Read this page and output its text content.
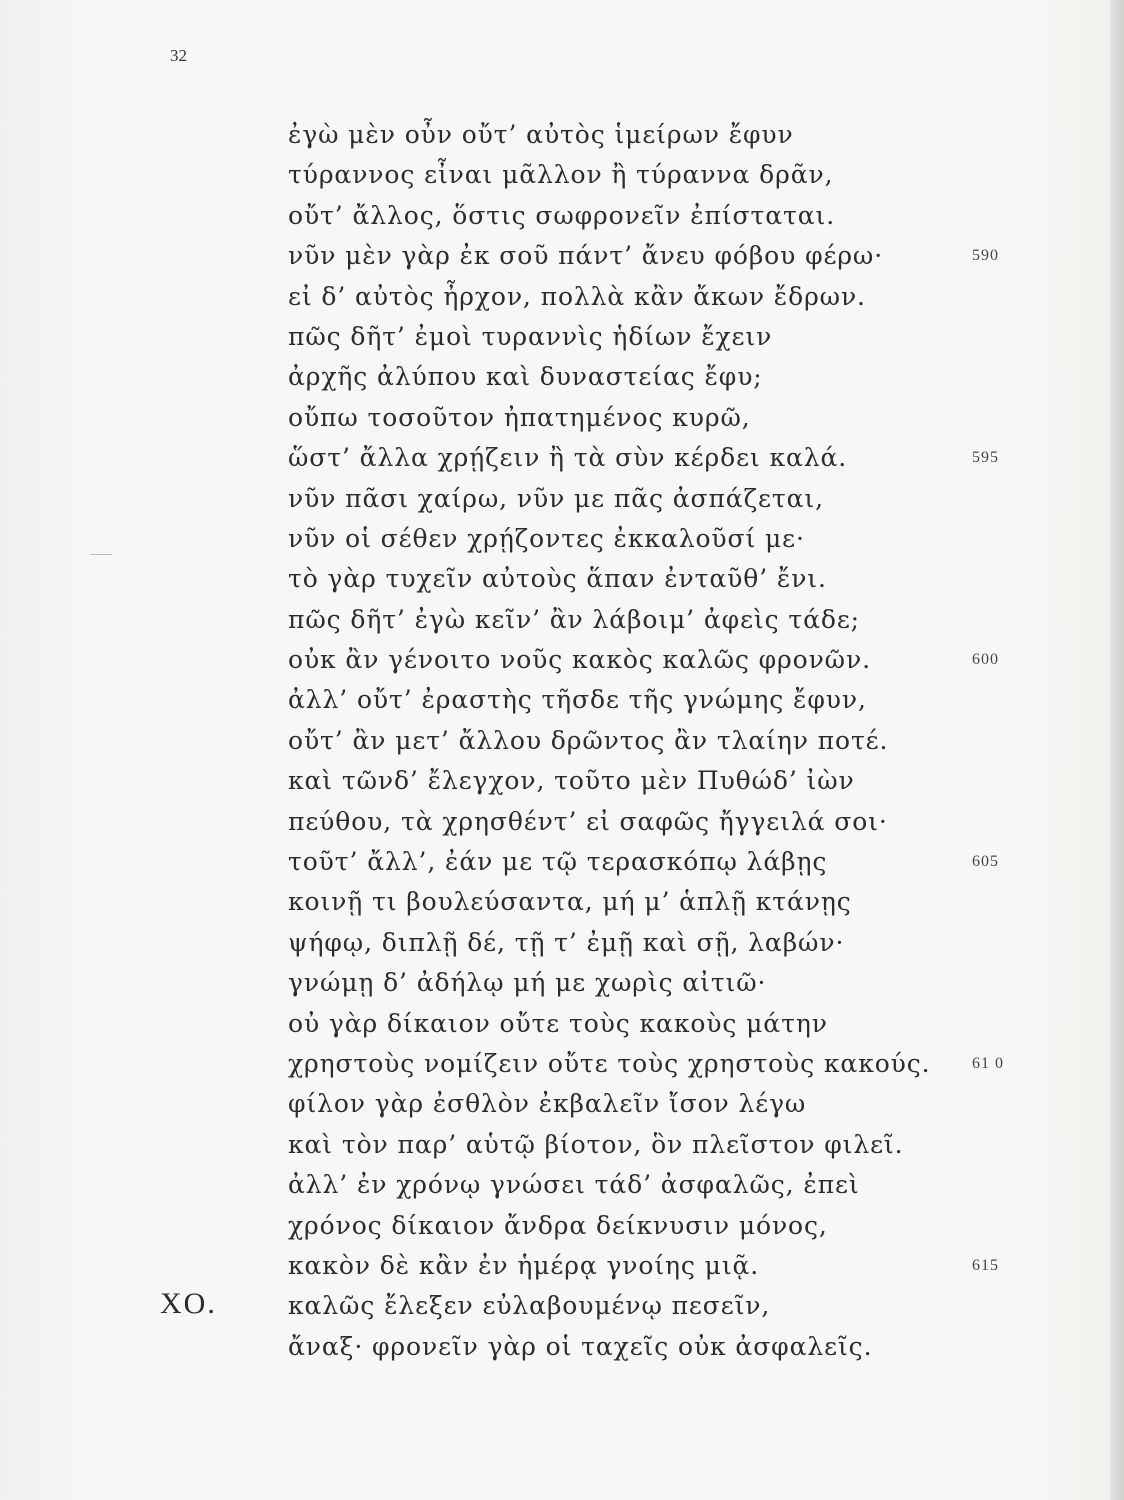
32
ἐγὼ μὲν οὖν οὔτ’ αὐτὸς ἱμείρων ἔφυν
τύραννος εἶναι μᾶλλον ἢ τύραννα δρᾶν,
οὔτ’ ἄλλος, ὅστις σωφρονεῖν ἐπίσταται.
νῦν μὲν γὰρ ἐκ σοῦ πάντ’ ἄνευ φόβου φέρω·	590
εἰ δ’ αὐτὸς ἦρχον, πολλὰ κἂν ἄκων ἔδρων.
πῶς δῆτ’ ἐμοὶ τυραννὶς ἡδίων ἔχειν
ἀρχῆς ἀλύπου καὶ δυναστείας ἔφυ;
οὔπω τοσοῦτον ἠπατημένος κυρῶ,
ὥστ’ ἄλλα χρῄζειν ἢ τὰ σὺν κέρδει καλά.	595
νῦν πᾶσι χαίρω, νῦν με πᾶς ἀσπάζεται,
νῦν οἱ σέθεν χρῄζοντες ἐκκαλοῦσί με·
τὸ γὰρ τυχεῖν αὐτοὺς ἅπαν ἐνταῦθ’ ἔνι.
πῶς δῆτ’ ἐγὼ κεῖν’ ἂν λάβοιμ’ ἀφεὶς τάδε;
οὐκ ἂν γένοιτο νοῦς κακὸς καλῶς φρονῶν.	600
ἀλλ’ οὔτ’ ἐραστὴς τῆσδε τῆς γνώμης ἔφυν,
οὔτ’ ἂν μετ’ ἄλλου δρῶντος ἂν τλαίην ποτέ.
καὶ τῶνδ’ ἔλεγχον, τοῦτο μὲν Πυθώδ’ ἰὼν
πεύθου, τὰ χρησθέντ’ εἰ σαφῶς ἤγγειλά σοι·
τοῦτ’ ἄλλ’, ἐάν με τῷ τερασκόπῳ λάβῃς	605
κοινῇ τι βουλεύσαντα, μή μ’ ἁπλῇ κτάνῃς
ψήφῳ, διπλῇ δέ, τῇ τ’ ἐμῇ καὶ σῇ, λαβών·
γνώμῃ δ’ ἀδήλῳ μή με χωρὶς αἰτιῶ·
οὐ γὰρ δίκαιον οὔτε τοὺς κακοὺς μάτην
χρηστοὺς νομίζειν οὔτε τοὺς χρηστοὺς κακούς.	61 0
φίλον γὰρ ἐσθλὸν ἐκβαλεῖν ἴσον λέγω
καὶ τὸν παρ’ αὑτῷ βίοτον, ὃν πλεῖστον φιλεῖ.
ἀλλ’ ἐν χρόνῳ γνώσει τάδ’ ἀσφαλῶς, ἐπεὶ
χρόνος δίκαιον ἄνδρα δείκνυσιν μόνος,
κακὸν δὲ κἂν ἐν ἡμέρᾳ γνοίης μιᾷ.	615
ΧΟ.	καλῶς ἔλεξεν εὐλαβουμένῳ πεσεῖν,
ἄναξ· φρονεῖν γὰρ οἱ ταχεῖς οὐκ ἀσφαλεῖς.
